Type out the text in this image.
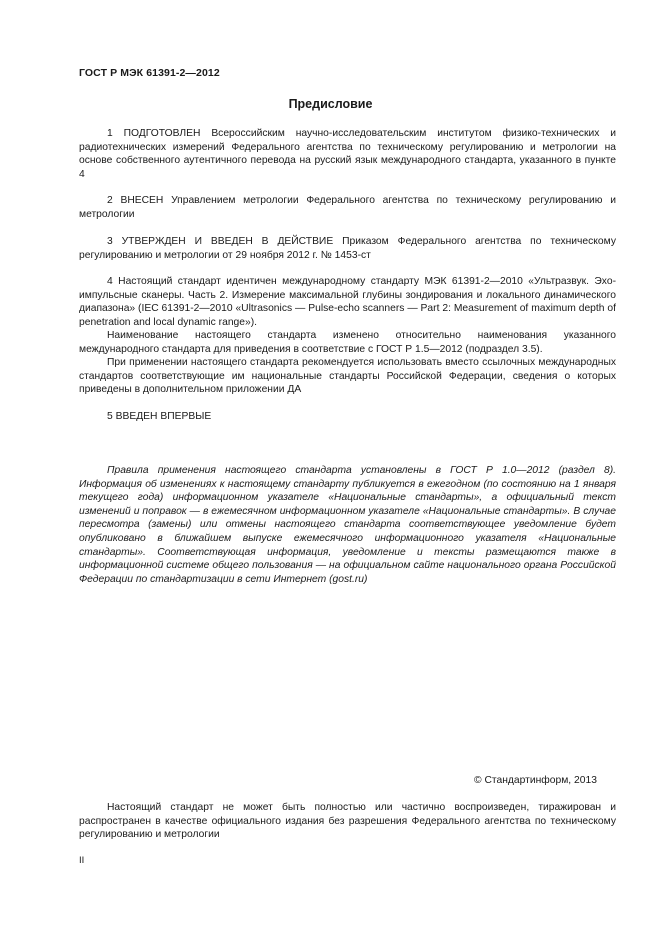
ГОСТ Р МЭК 61391-2—2012
Предисловие

1 ПОДГОТОВЛЕН Всероссийским научно-исследовательским институтом физико-технических и радиотехнических измерений Федерального агентства по техническому регулированию и метрологии на основе собственного аутентичного перевода на русский язык международного стандарта, указанного в пункте 4

2 ВНЕСЕН Управлением метрологии Федерального агентства по техническому регулированию и метрологии

3 УТВЕРЖДЕН И ВВЕДЕН В ДЕЙСТВИЕ Приказом Федерального агентства по техническому регулированию и метрологии от 29 ноября 2012 г. № 1453-ст

4 Настоящий стандарт идентичен международному стандарту МЭК 61391-2—2010 «Ультразвук. Эхо-импульсные сканеры. Часть 2. Измерение максимальной глубины зондирования и локального динамического диапазона» (IEC 61391-2—2010 «Ultrasonics — Pulse-echo scanners — Part 2: Measurement of maximum depth of penetration and local dynamic range»).

Наименование настоящего стандарта изменено относительно наименования указанного международного стандарта для приведения в соответствие с ГОСТ Р 1.5—2012 (подраздел 3.5).

При применении настоящего стандарта рекомендуется использовать вместо ссылочных международных стандартов соответствующие им национальные стандарты Российской Федерации, сведения о которых приведены в дополнительном приложении ДА

5 ВВЕДЕН ВПЕРВЫЕ

Правила применения настоящего стандарта установлены в ГОСТ Р 1.0—2012 (раздел 8). Информация об изменениях к настоящему стандарту публикуется в ежегодном (по состоянию на 1 января текущего года) информационном указателе «Национальные стандарты», а официальный текст изменений и поправок — в ежемесячном информационном указателе «Национальные стандарты». В случае пересмотра (замены) или отмены настоящего стандарта соответствующее уведомление будет опубликовано в ближайшем выпуске ежемесячного информационного указателя «Национальные стандарты». Соответствующая информация, уведомление и тексты размещаются также в информационной системе общего пользования — на официальном сайте национального органа Российской Федерации по стандартизации в сети Интернет (gost.ru)

© Стандартинформ, 2013

Настоящий стандарт не может быть полностью или частично воспроизведен, тиражирован и распространен в качестве официального издания без разрешения Федерального агентства по техническому регулированию и метрологии

II
